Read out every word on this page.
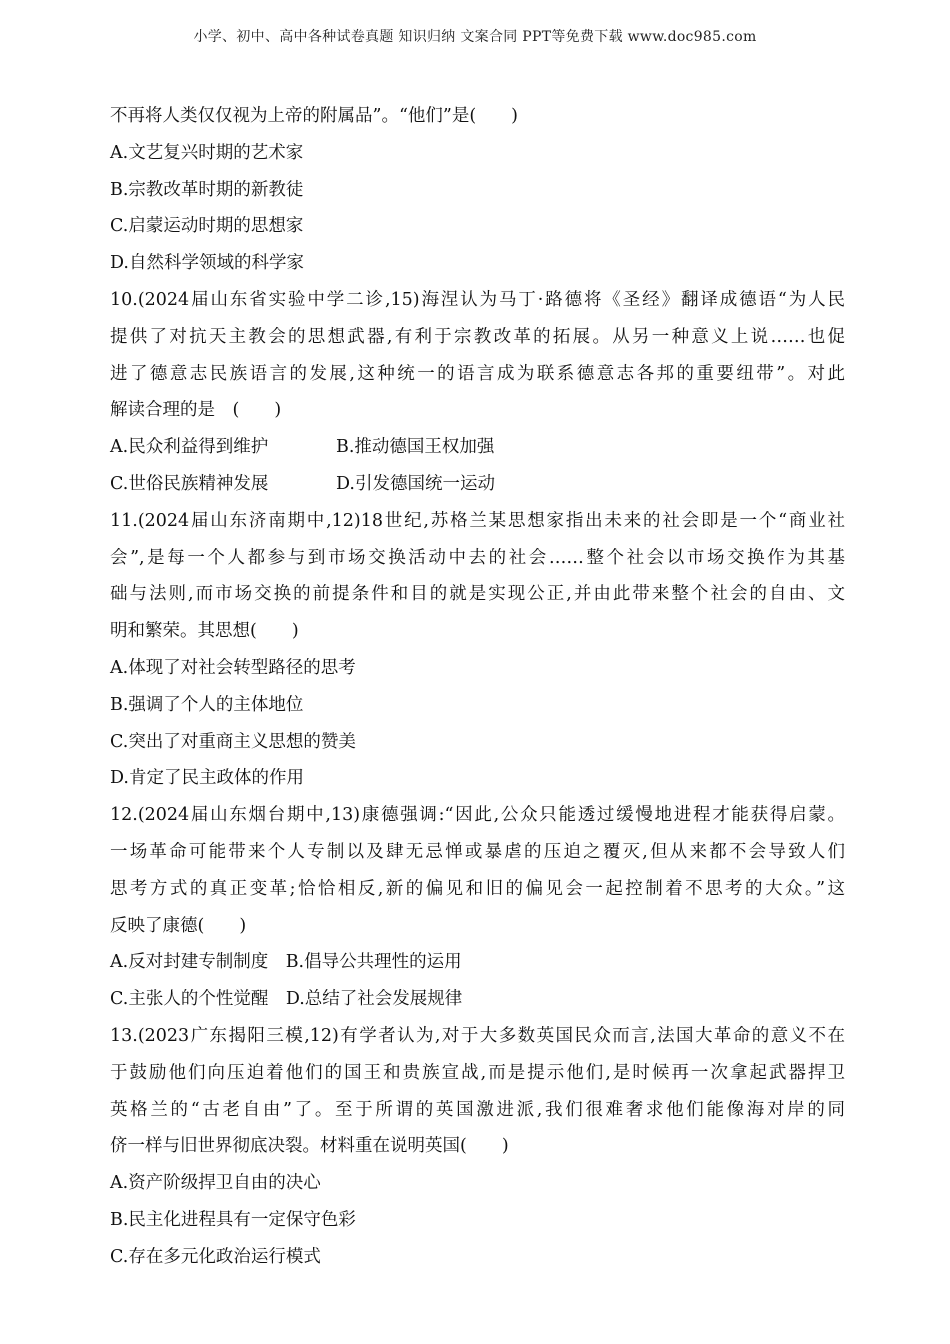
小学、初中、高中各种试卷真题 知识归纳 文案合同 PPT等免费下载 www.doc985.com
不再将人类仅仅视为上帝的附属品”。“他们”是(　　)
A.文艺复兴时期的艺术家
B.宗教改革时期的新教徒
C.启蒙运动时期的思想家
D.自然科学领域的科学家
10.(2024届山东省实验中学二诊,15)海涅认为马丁·路德将《圣经》翻译成德语“为人民
提供了对抗天主教会的思想武器,有利于宗教改革的拓展。从另一种意义上说……也促
进了德意志民族语言的发展,这种统一的语言成为联系德意志各邦的重要纽带”。对此
解读合理的是　(　　)
A.民众利益得到维护	B.推动德国王权加强
C.世俗民族精神发展	D.引发德国统一运动
11.(2024届山东济南期中,12)18世纪,苏格兰某思想家指出未来的社会即是一个“商业社
会”,是每一个人都参与到市场交换活动中去的社会……整个社会以市场交换作为其基
础与法则,而市场交换的前提条件和目的就是实现公正,并由此带来整个社会的自由、文
明和繁荣。其思想(　　)
A.体现了对社会转型路径的思考
B.强调了个人的主体地位
C.突出了对重商主义思想的赞美
D.肯定了民主政体的作用
12.(2024届山东烟台期中,13)康德强调:“因此,公众只能透过缓慢地进程才能获得启蒙。
一场革命可能带来个人专制以及肆无忌惮或暴虐的压迫之覆灭,但从来都不会导致人们
思考方式的真正变革;恰恰相反,新的偏见和旧的偏见会一起控制着不思考的大众。”这
反映了康德(　　)
A.反对封建专制制度　B.倡导公共理性的运用
C.主张人的个性觉醒　D.总结了社会发展规律
13.(2023广东揭阳三模,12)有学者认为,对于大多数英国民众而言,法国大革命的意义不在
于鼓励他们向压迫着他们的国王和贵族宣战,而是提示他们,是时候再一次拿起武器捍卫
英格兰的“古老自由”了。至于所谓的英国激进派,我们很难奢求他们能像海对岸的同
侪一样与旧世界彻底决裂。材料重在说明英国(　　)
A.资产阶级捍卫自由的决心
B.民主化进程具有一定保守色彩
C.存在多元化政治运行模式
